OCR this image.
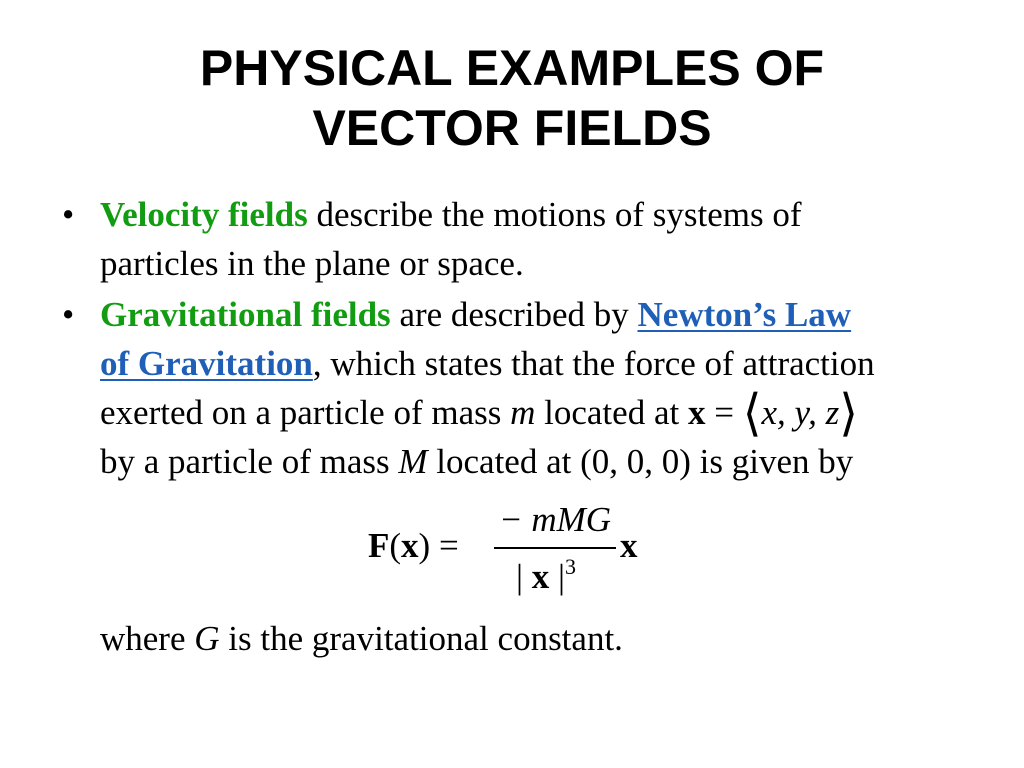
PHYSICAL EXAMPLES OF
VECTOR FIELDS
• Velocity fields describe the motions of systems of
particles in the plane or space.
• Gravitational fields are described by Newton’s Law
of Gravitation, which states that the force of attraction
exerted on a particle of mass m located at x = ⟨x, y, z⟩
by a particle of mass M located at (0, 0, 0) is given by
F(x) =
− mMG
| x $|^3$
x
where G is the gravitational constant.
